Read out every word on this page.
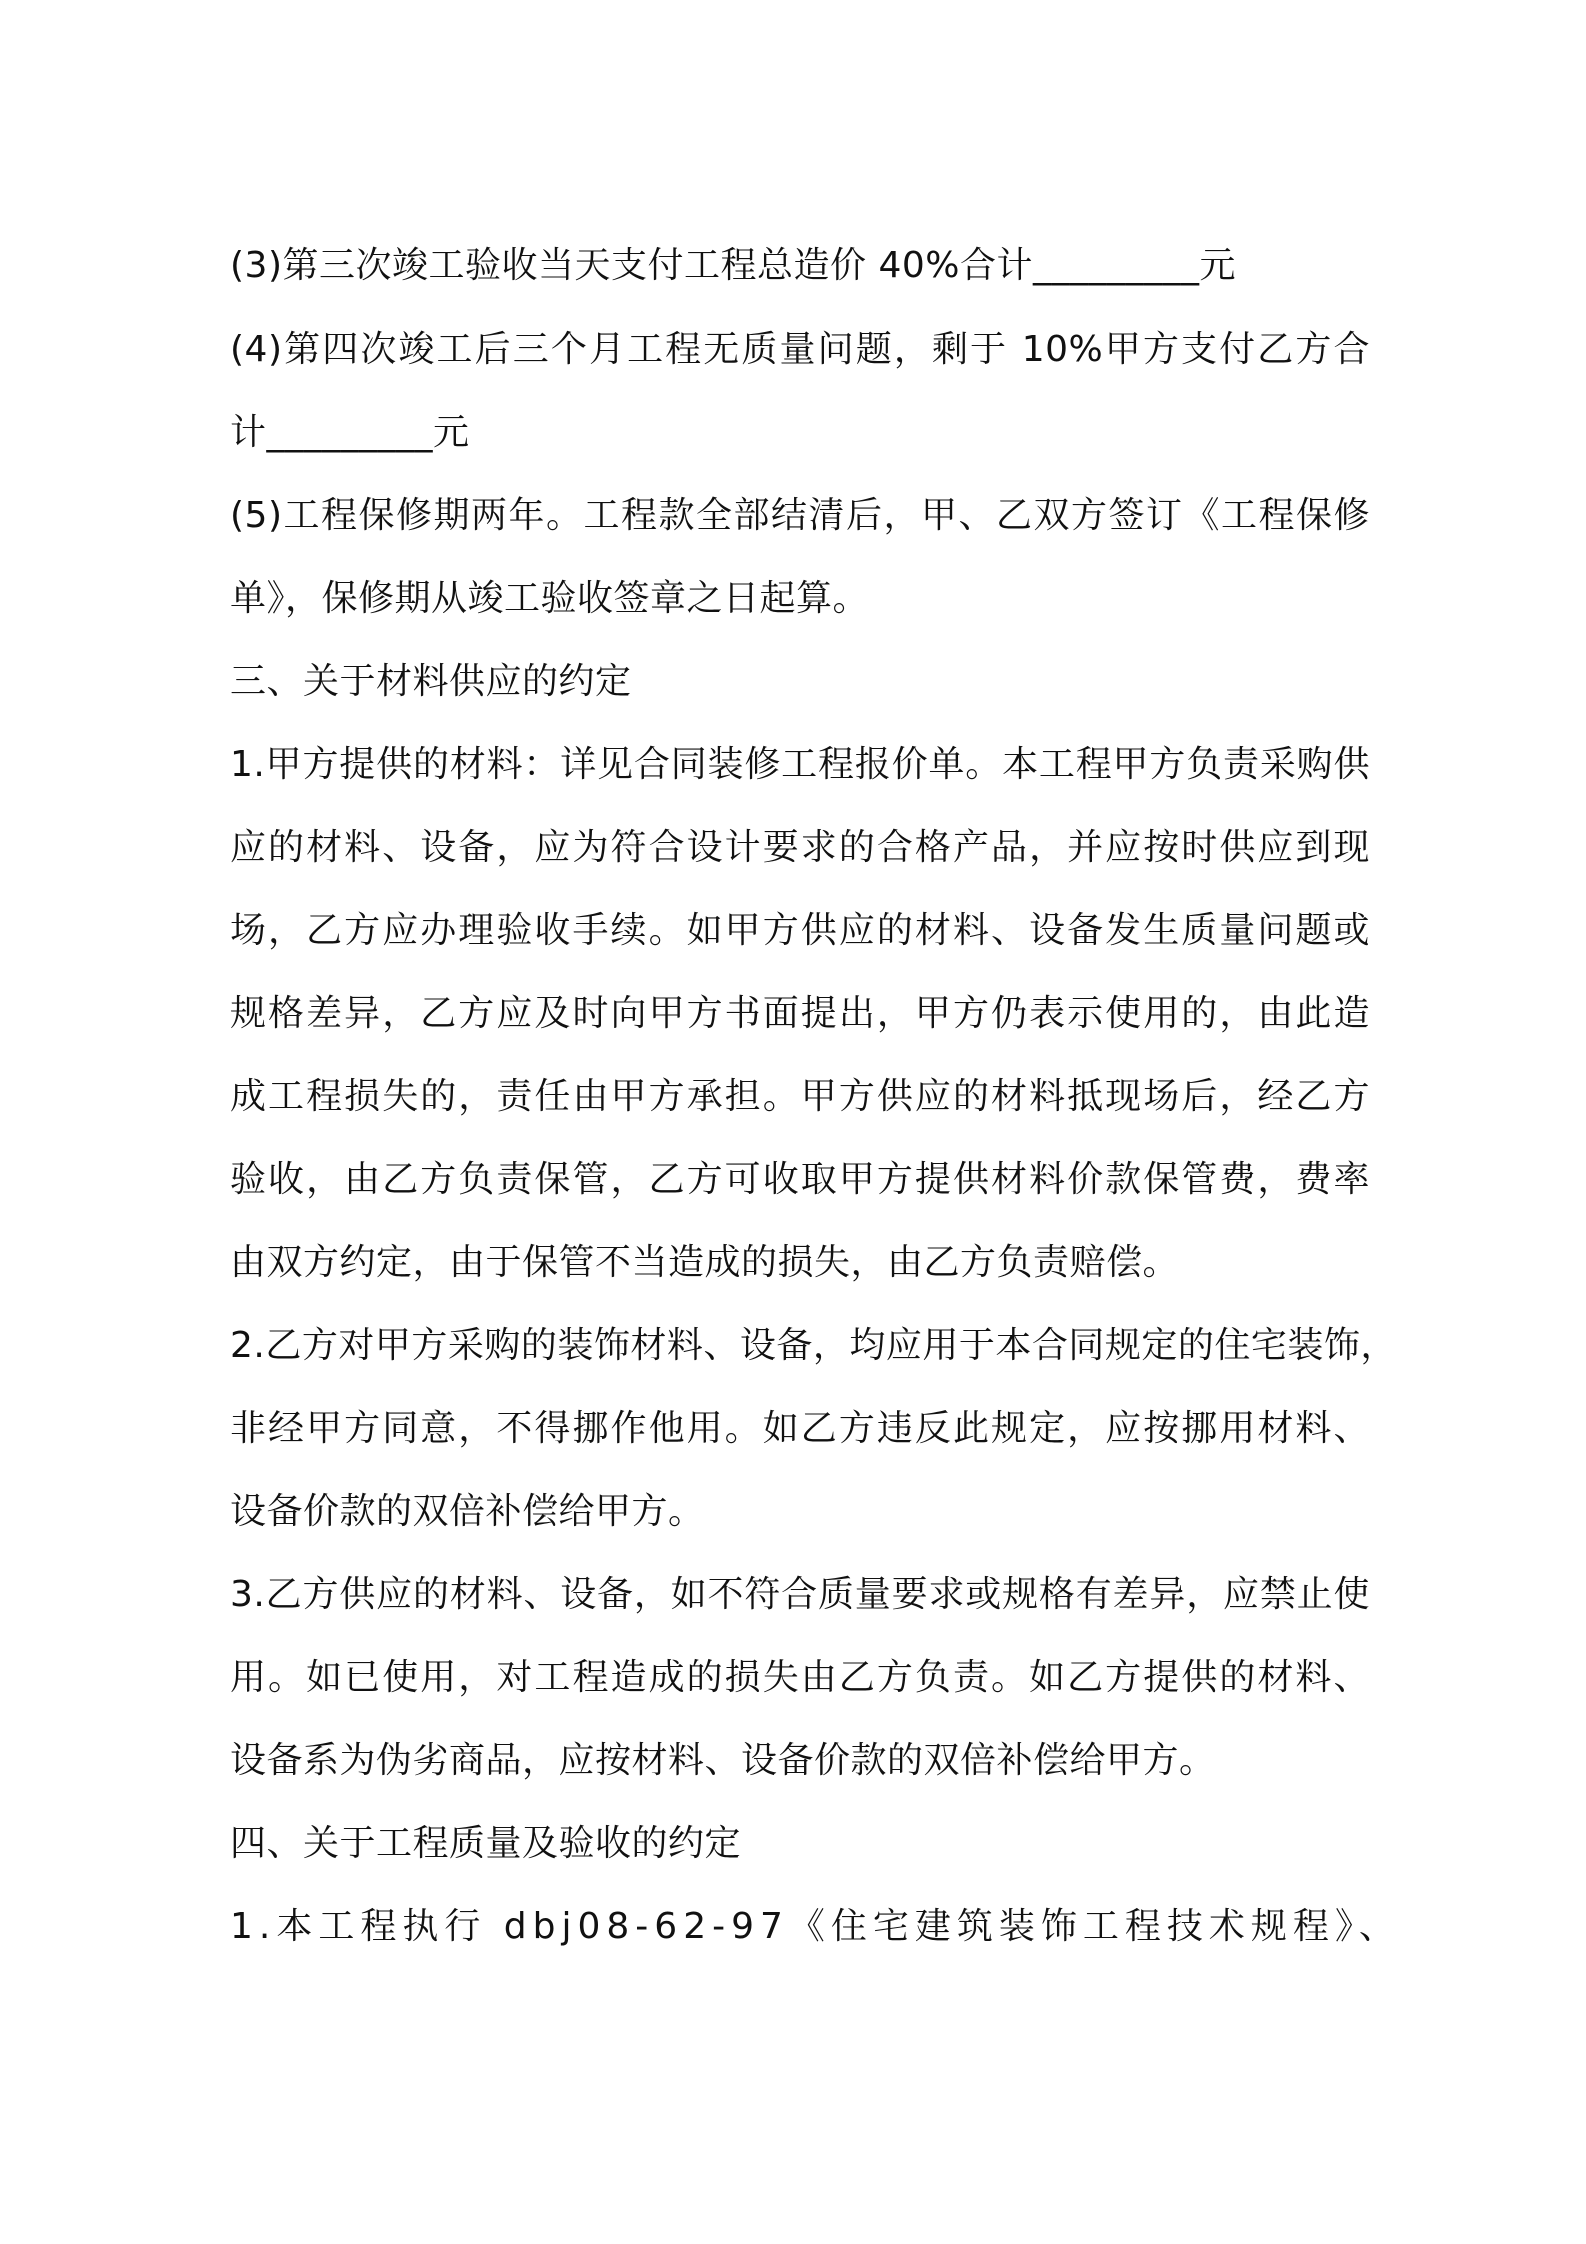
(3)第三次竣工验收当天支付工程总造价 40%合计_________元
(4)第四次竣工后三个月工程无质量问题，剩于 10%甲方支付乙方合
计_________元
(5)工程保修期两年。工程款全部结清后，甲、乙双方签订《工程保修
单》，保修期从竣工验收签章之日起算。
三、关于材料供应的约定
1.甲方提供的材料：详见合同装修工程报价单。本工程甲方负责采购供
应的材料、设备，应为符合设计要求的合格产品，并应按时供应到现
场，乙方应办理验收手续。如甲方供应的材料、设备发生质量问题或
规格差异，乙方应及时向甲方书面提出，甲方仍表示使用的，由此造
成工程损失的，责任由甲方承担。甲方供应的材料抵现场后，经乙方
验收，由乙方负责保管，乙方可收取甲方提供材料价款保管费，费率
由双方约定，由于保管不当造成的损失，由乙方负责赔偿。
2.乙方对甲方采购的装饰材料、设备，均应用于本合同规定的住宅装饰，
非经甲方同意，不得挪作他用。如乙方违反此规定，应按挪用材料、
设备价款的双倍补偿给甲方。
3.乙方供应的材料、设备，如不符合质量要求或规格有差异，应禁止使
用。如已使用，对工程造成的损失由乙方负责。如乙方提供的材料、
设备系为伪劣商品，应按材料、设备价款的双倍补偿给甲方。
四、关于工程质量及验收的约定
1.本工程执行 dbj08-62-97《住宅建筑装饰工程技术规程》、
